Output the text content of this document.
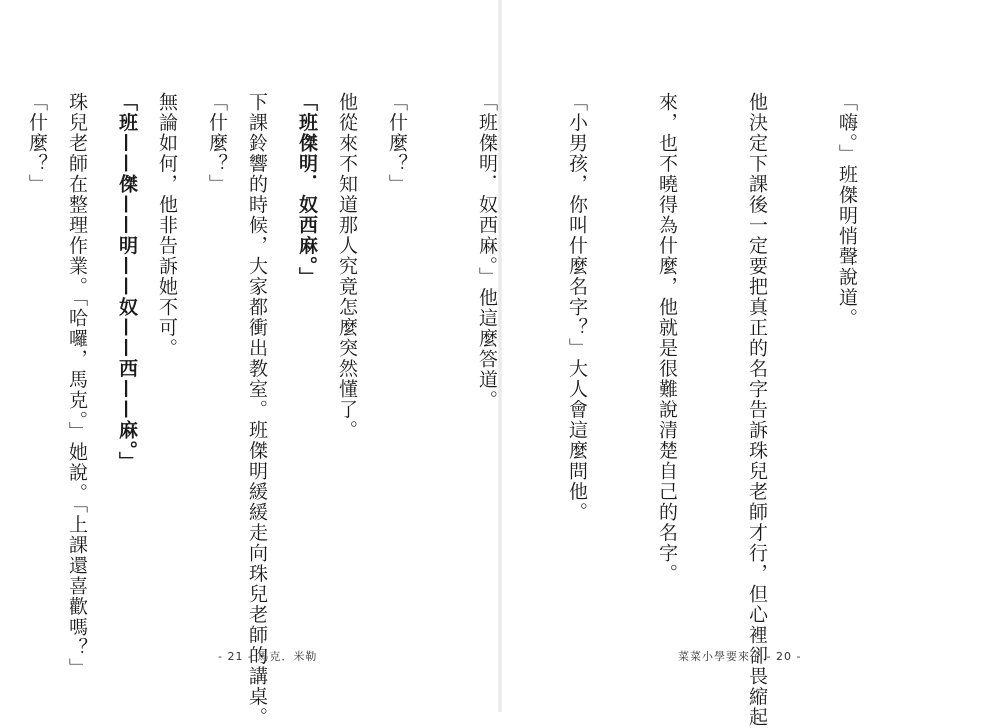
他從來不知道那人究竟怎麼突然懂了。

下課鈴響的時候，大家都衝出教室。班傑明緩緩走向珠兒老師的講桌。

無論如何，他非告訴她不可。

珠兒老師在整理作業。「哈囉，馬克。」她說。「上課還喜歡嗎？」

	- 21 - 馬克．米勒

「嗨。」班傑明悄聲說道。

他決定下課後一定要把真正的名字告訴珠兒老師才行，但心裡卻畏縮起

來，也不曉得為什麼，他就是很難說清楚自己的名字。

「小男孩，你叫什麼名字？」大人會這麼問他。

「班傑明．奴西麻。」他這麼答道。

「什麼？」

「班傑明．奴西麻。」

「什麼？」

「班——傑——明——奴——西——麻。」

「什麼？」

菜菜小學要來了 - 20 -
